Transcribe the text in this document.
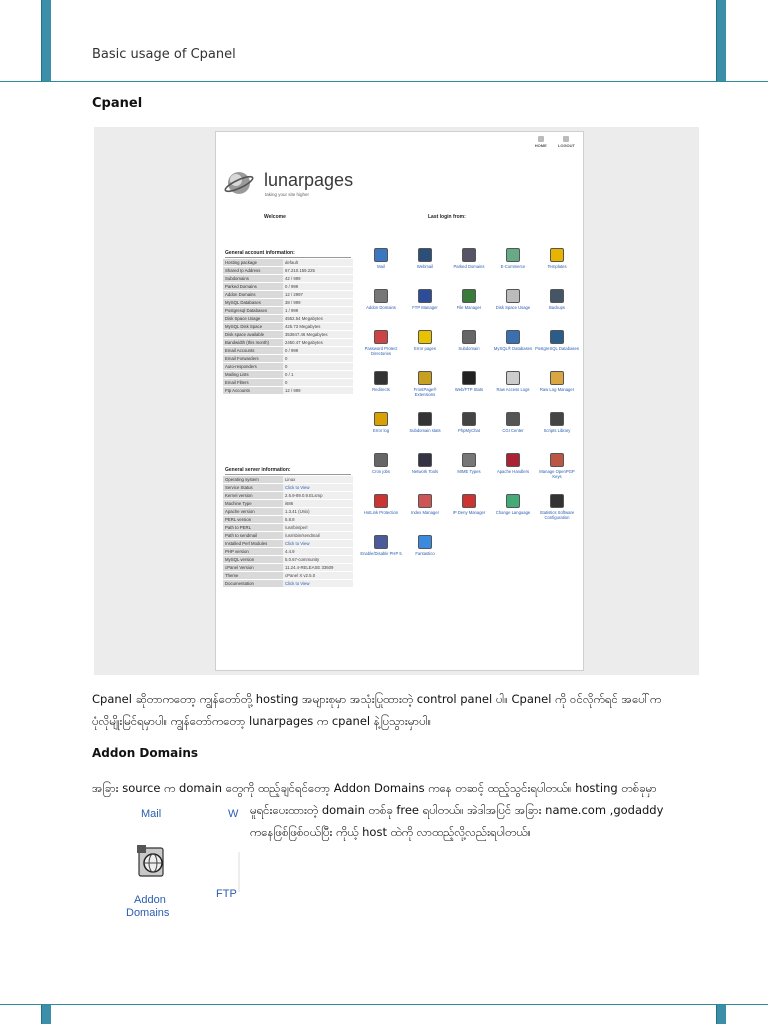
Basic usage of Cpanel
Cpanel
HOME	LOGOUT
lunarpages
taking your site higher
Welcome	Last login from:
General account information:
Hosting package	default
Shared Ip Address	67.210.159.225
Subdomains	42 / 999
Parked Domains	0 / 999
Addon Domains	12 / 2997
MySQL Databases	38 / 999
Postgresql Databases	1 / 999
Disk Space Usage	4552.54 Megabytes
MySQL Disk Space	425.73 Megabytes
Disk space available	353847.46 Megabytes
Bandwidth (this month)	2450.47 Megabytes
Email Accounts	0 / 999
Email Forwarders	0
Auto-responders	0
Mailing Lists	0 / 1
Email Filters	0
Ftp Accounts	12 / 999
General server information:
Operating system	Linux
Service Status	Click to View
Kernel version	2.6.9-89.0.9.ELsmp
Machine Type	i686
Apache version	1.3.41 (Unix)
PERL version	5.8.8
Path to PERL	/usr/bin/perl
Path to sendmail	/usr/sbin/sendmail
Installed Perl Modules	Click to View
PHP version	4.4.9
MySQL version	5.0.67-community
cPanel Version	11.24.4-RELEASE 33609
Theme	cPanel X v2.5.0
Documentation	Click to View
Mail	Webmail	Parked Domains	E-Commerce	Templates
Addon Domains	FTP Manager	File Manager	Disk Space Usage	Backups
Password Protect Directories
Error pages	Subdomain	MySQL® Databases PostgreSQL Databases
Redirects	FrontPage® Extensions
Web/FTP Stats	Raw Access Logs	Raw Log Manager
Error log	Subdomain stats	PhpMyChat	CGI Center	Scripts Library
Cron jobs	Network Tools	MIME Types	Apache Handlers	Manage OpenPGP Keys
HotLink Protection	Index Manager	IP Deny Manager	Change Language	Statistics Software Configuration
Enable/Disable PHP 5	Fantastico
Cpanel ဆိုတာကတော့ ကျွန်တော်တို့ hosting အများစုမှာ အသုံးပြုထားတဲ့ control panel ပါ။ Cpanel ကို ဝင်လိုက်ရင် အပေါ်က
ပုံလိုမျိုးမြင်ရမှာပါ။ ကျွန်တော်ကတော့ lunarpages က cpanel နဲ့ပြသွားမှာပါ။
Addon Domains
အခြား source က domain တွေကို ထည့်ချင်ရင်တော့ Addon Domains ကနေ တဆင့် ထည့်သွင်းရပါတယ်။ hosting တစ်ခုမှာ
မူရင်းပေးထားတဲ့ domain တစ်ခု free ရပါတယ်။ အဲဒါအပြင် အခြား name.com ,godaddy
ကနေဖြစ်ဖြစ်ဝယ်ပြီး ကိုယ့် host ထဲကို လာထည့်လို့လည်းရပါတယ်။
Mail	W
Addon
Domains
FTP
